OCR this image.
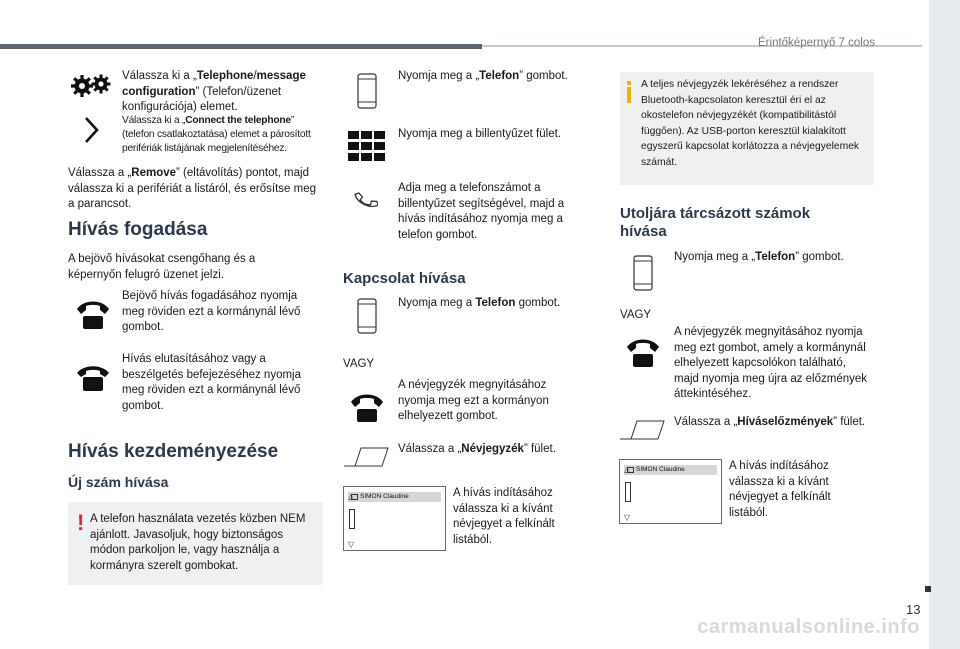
Érintőképernyő 7 colos
13
carmanualsonline.info
Válassza ki a „Telephone/message configuration” (Telefon/üzenet konfigurációja) elemet.
Válassza ki a „Connect the telephone” (telefon csatlakoztatása) elemet a párosított perifériák listájának megjelenítéséhez.
Válassza a „Remove” (eltávolítás) pontot, majd válassza ki a perifériát a listáról, és erősítse meg a parancsot.
Hívás fogadása
A bejövő hívásokat csengőhang és a képernyőn felugró üzenet jelzi.
Bejövő hívás fogadásához nyomja meg röviden ezt a kormánynál lévő gombot.
Hívás elutasításához vagy a beszélgetés befejezéséhez nyomja meg röviden ezt a kormánynál lévő gombot.
Hívás kezdeményezése
Új szám hívása
! A telefon használata vezetés közben NEM ajánlott. Javasoljuk, hogy biztonságos módon parkoljon le, vagy használja a kormányra szerelt gombokat.
Nyomja meg a „Telefon” gombot.
Nyomja meg a billentyűzet fület.
Adja meg a telefonszámot a billentyűzet segítségével, majd a hívás indításához nyomja meg a telefon gombot.
Kapcsolat hívása
Nyomja meg a Telefon gombot.
VAGY
A névjegyzék megnyitásához nyomja meg ezt a kormányon elhelyezett gombot.
Válassza a „Névjegyzék” fület.
SIMON Claudine
△
▽
A hívás indításához válassza ki a kívánt névjegyet a felkínált listából.
A teljes névjegyzék lekéréséhez a rendszer Bluetooth-kapcsolaton keresztül éri el az okostelefon névjegyzékét (kompatibilitástól függően). Az USB-porton keresztül kialakított egyszerű kapcsolat korlátozza a névjegyelemek számát.
Utoljára tárcsázott számok hívása
Nyomja meg a „Telefon” gombot.
VAGY
A névjegyzék megnyitásához nyomja meg ezt gombot, amely a kormánynál elhelyezett kapcsolókon található, majd nyomja meg újra az előzmények áttekintéséhez.
Válassza a „Híváselőzmények” fület.
SIMON Claudine
△
▽
A hívás indításához válassza ki a kívánt névjegyet a felkínált listából.
